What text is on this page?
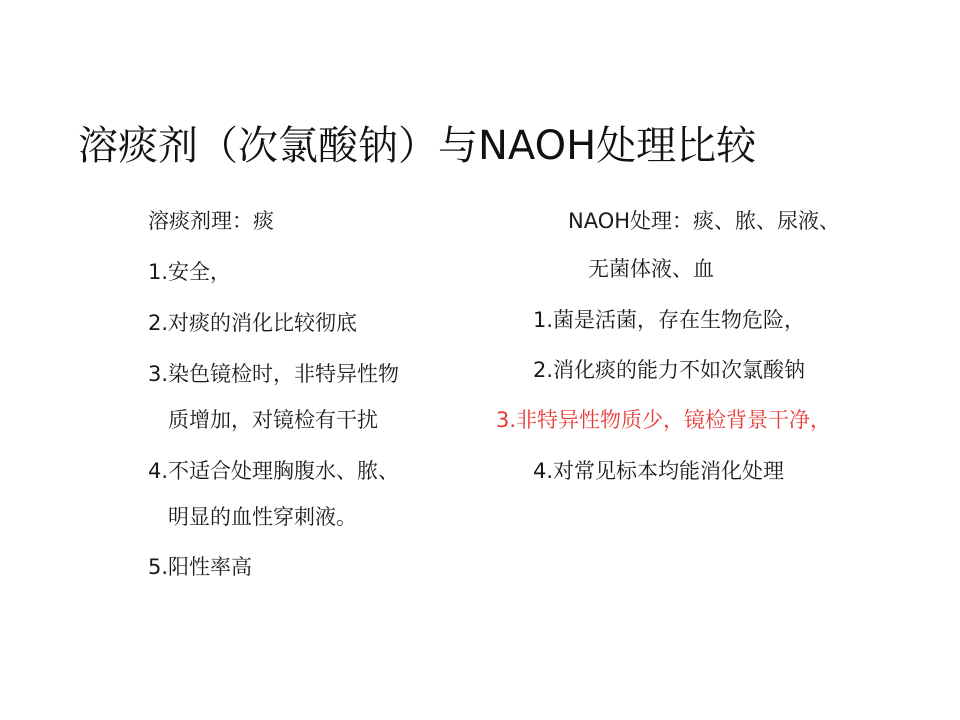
溶痰剂（次氯酸钠）与NAOH处理比较
溶痰剂理：痰
1.安全，
2.对痰的消化比较彻底
3.染色镜检时，非特异性物
质增加，对镜检有干扰
4.不适合处理胸腹水、脓、
明显的血性穿刺液。
5.阳性率高
NAOH处理：痰、脓、尿液、
无菌体液、血
1.菌是活菌，存在生物危险，
2.消化痰的能力不如次氯酸钠
3.非特异性物质少，镜检背景干净，
4.对常见标本均能消化处理
